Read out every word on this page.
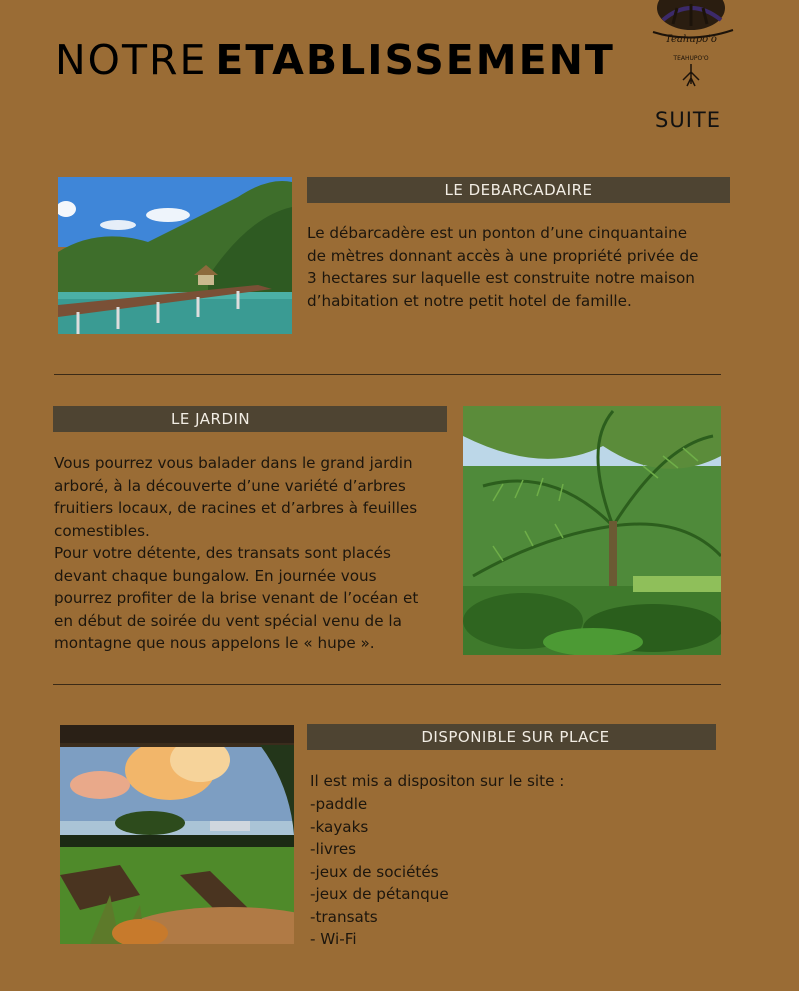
NOTRE ETABLISSEMENT	Teahupo'o
TEAHUPO'O
SUITE
LE DEBARCADAIRE
Le débarcadère est un ponton d’une cinquantaine
de mètres donnant accès à une propriété privée de
3 hectares sur laquelle est construite notre maison
d’habitation et notre petit hotel de famille.
LE JARDIN
Vous pourrez vous balader dans le grand jardin
arboré, à la découverte d’une variété d’arbres
fruitiers locaux, de racines et d’arbres à feuilles
comestibles.
Pour votre détente, des transats sont placés
devant chaque bungalow. En journée vous
pourrez profiter de la brise venant de l’océan et
en début de soirée du vent spécial venu de la
montagne que nous appelons le « hupe ».
DISPONIBLE SUR PLACE
Il est mis a dispositon sur le site :
-paddle
-kayaks
-livres
-jeux de sociétés
-jeux de pétanque
-transats
- Wi-Fi
